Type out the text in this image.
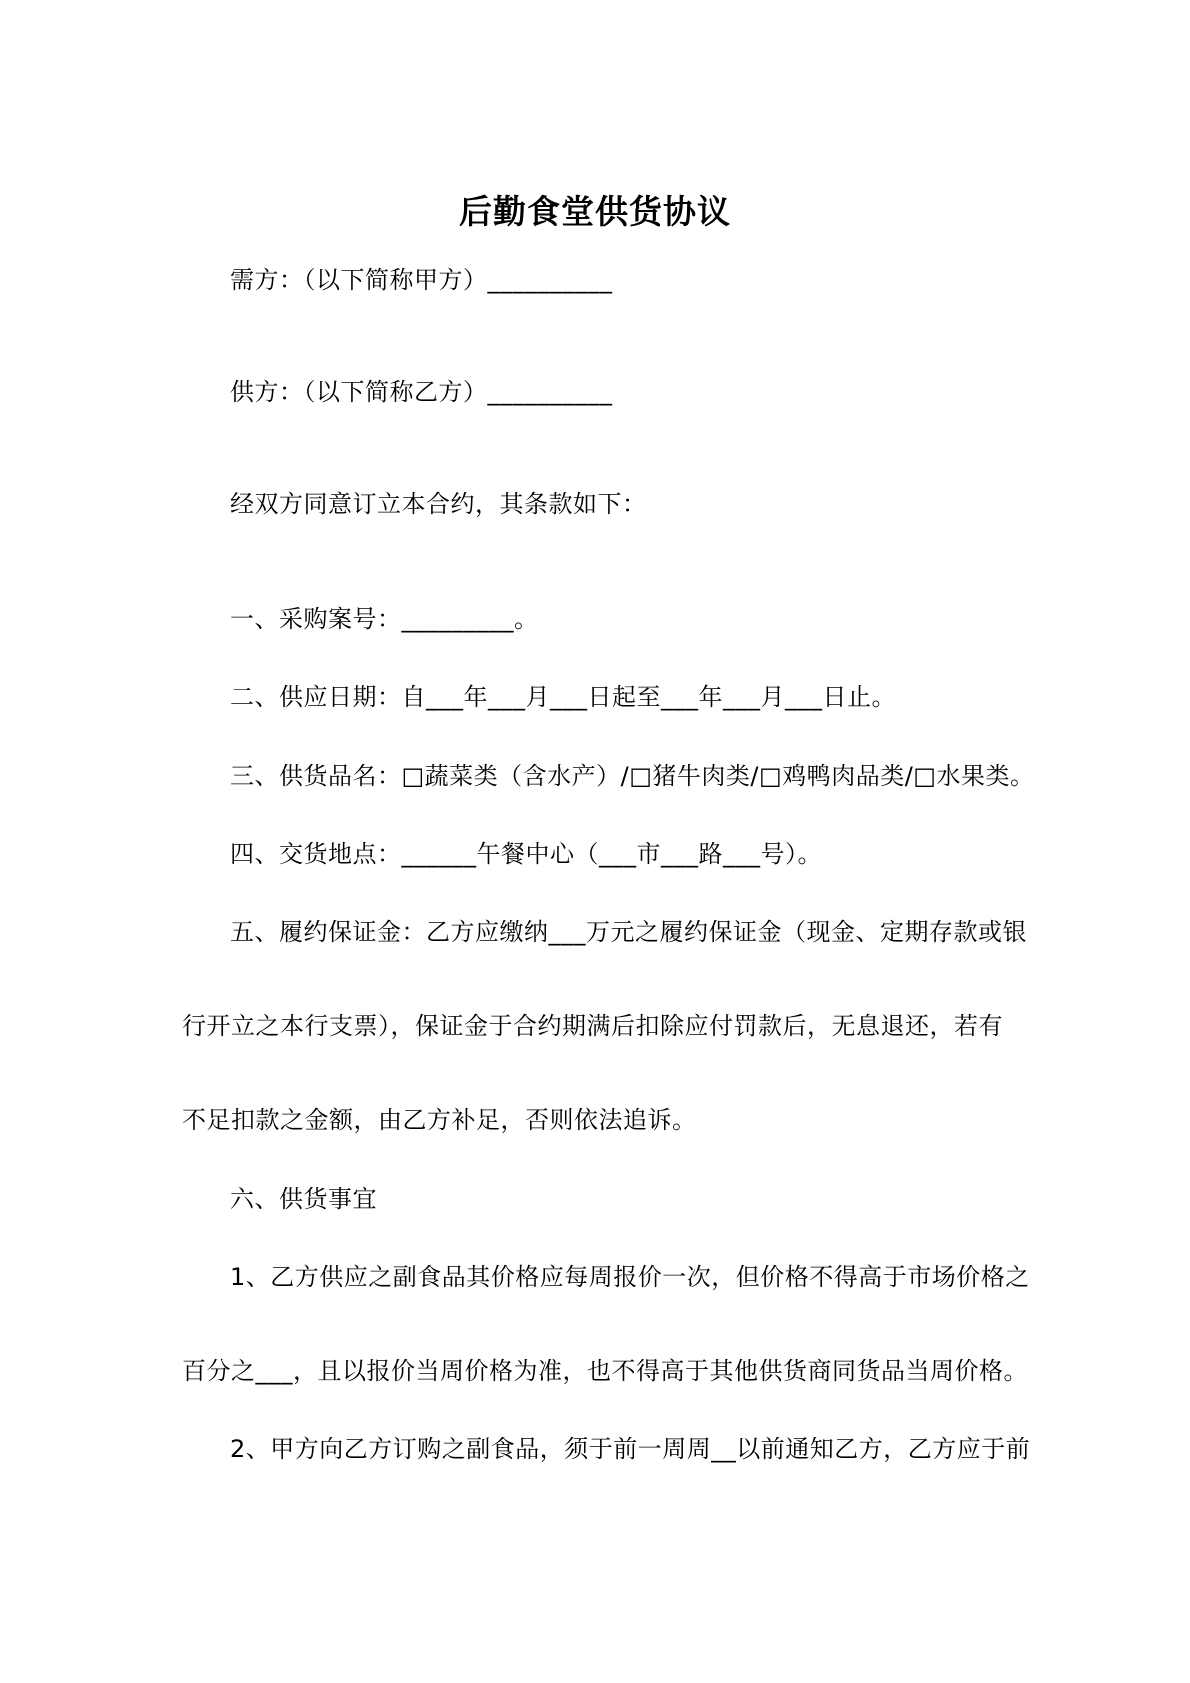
后勤食堂供货协议
需方：（以下简称甲方）__________
供方：（以下简称乙方）__________
经双方同意订立本合约，其条款如下：
一、采购案号：_________。
二、供应日期：自___年___月___日起至___年___月___日止。
三、供货品名：□蔬菜类（含水产）/□猪牛肉类/□鸡鸭肉品类/□水果类。
四、交货地点：______午餐中心（___市___路___号）。
五、履约保证金：乙方应缴纳___万元之履约保证金（现金、定期存款或银
行开立之本行支票），保证金于合约期满后扣除应付罚款后，无息退还，若有
不足扣款之金额，由乙方补足，否则依法追诉。
六、供货事宜
1、乙方供应之副食品其价格应每周报价一次，但价格不得高于市场价格之
百分之___，且以报价当周价格为准，也不得高于其他供货商同货品当周价格。
2、甲方向乙方订购之副食品，须于前一周周__以前通知乙方，乙方应于前
